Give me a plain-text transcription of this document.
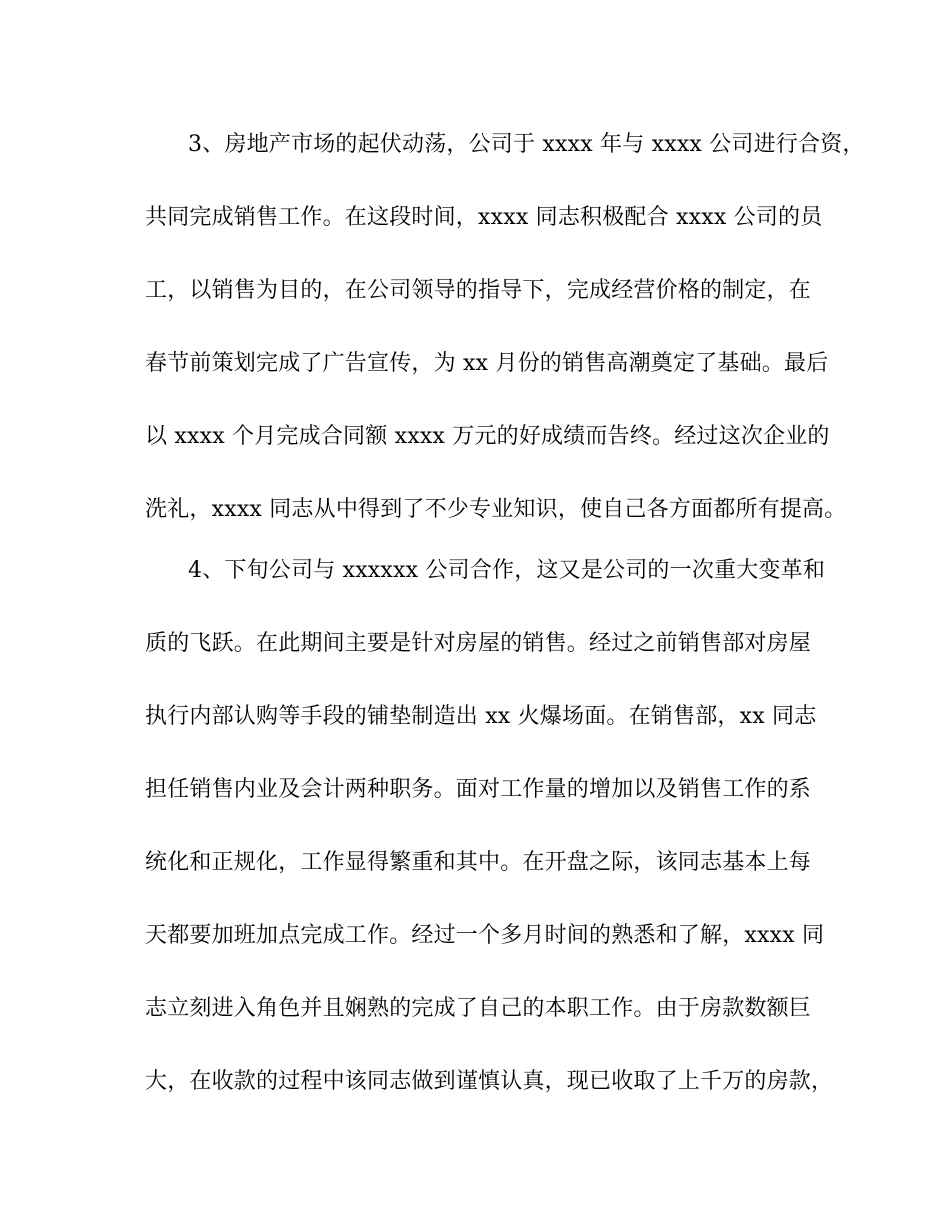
3、房地产市场的起伏动荡，公司于 xxxx 年与 xxxx 公司进行合资，
共同完成销售工作。在这段时间，xxxx 同志积极配合 xxxx 公司的员
工，以销售为目的，在公司领导的指导下，完成经营价格的制定，在
春节前策划完成了广告宣传，为 xx 月份的销售高潮奠定了基础。最后
以 xxxx 个月完成合同额 xxxx 万元的好成绩而告终。经过这次企业的
洗礼，xxxx 同志从中得到了不少专业知识，使自己各方面都所有提高。
4、下旬公司与 xxxxxx 公司合作，这又是公司的一次重大变革和
质的飞跃。在此期间主要是针对房屋的销售。经过之前销售部对房屋
执行内部认购等手段的铺垫制造出 xx 火爆场面。在销售部，xx 同志
担任销售内业及会计两种职务。面对工作量的增加以及销售工作的系
统化和正规化，工作显得繁重和其中。在开盘之际，该同志基本上每
天都要加班加点完成工作。经过一个多月时间的熟悉和了解，xxxx 同
志立刻进入角色并且娴熟的完成了自己的本职工作。由于房款数额巨
大，在收款的过程中该同志做到谨慎认真，现已收取了上千万的房款，
